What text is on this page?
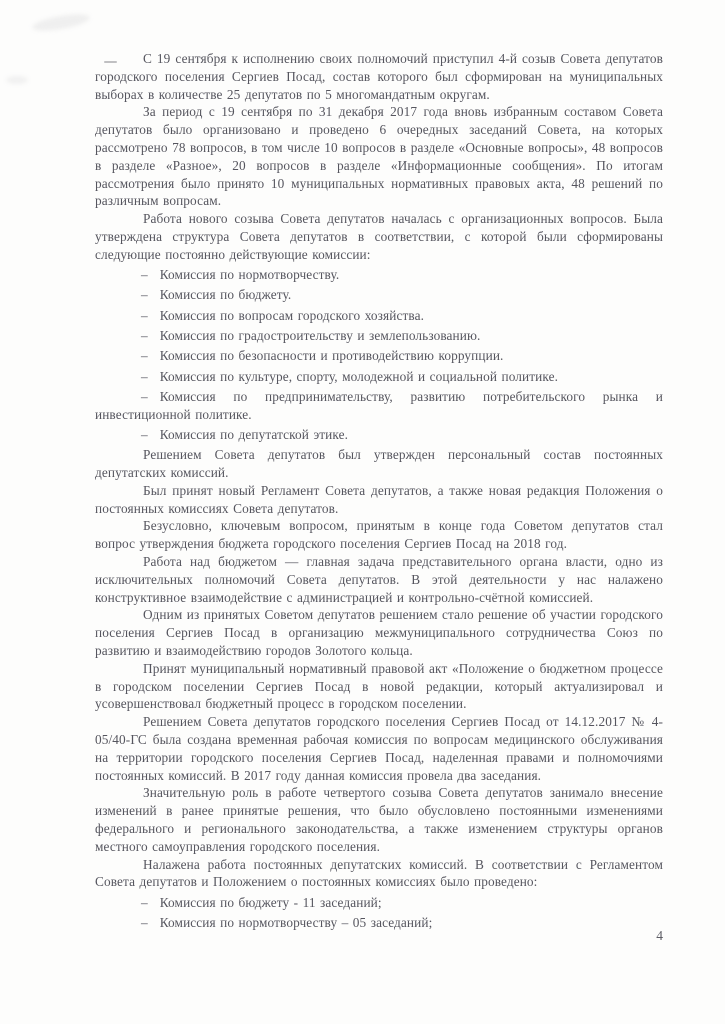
С 19 сентября к исполнению своих полномочий приступил 4-й созыв Совета депутатов городского поселения Сергиев Посад, состав которого был сформирован на муниципальных выборах в количестве 25 депутатов по 5 многомандатным округам.

За период с 19 сентября по 31 декабря 2017 года вновь избранным составом Совета депутатов было организовано и проведено 6 очередных заседаний Совета, на которых рассмотрено 78 вопросов, в том числе 10 вопросов в разделе «Основные вопросы», 48 вопросов в разделе «Разное», 20 вопросов в разделе «Информационные сообщения». По итогам рассмотрения было принято 10 муниципальных нормативных правовых акта, 48 решений по различным вопросам.

Работа нового созыва Совета депутатов началась с организационных вопросов. Была утверждена структура Совета депутатов в соответствии, с которой были сформированы следующие постоянно действующие комиссии:

– Комиссия по нормотворчеству.

– Комиссия по бюджету.

– Комиссия по вопросам городского хозяйства.

– Комиссия по градостроительству и землепользованию.

– Комиссия по безопасности и противодействию коррупции.

– Комиссия по культуре, спорту, молодежной и социальной политике.

– Комиссия по предпринимательству, развитию потребительского рынка и инвестиционной политике.

– Комиссия по депутатской этике.

Решением Совета депутатов был утвержден персональный состав постоянных депутатских комиссий.

Был принят новый Регламент Совета депутатов, а также новая редакция Положения о постоянных комиссиях Совета депутатов.

Безусловно, ключевым вопросом, принятым в конце года Советом депутатов стал вопрос утверждения бюджета городского поселения Сергиев Посад на 2018 год.

Работа над бюджетом — главная задача представительного органа власти, одно из исключительных полномочий Совета депутатов. В этой деятельности у нас налажено конструктивное взаимодействие с администрацией и контрольно-счётной комиссией.

Одним из принятых Советом депутатов решением стало решение об участии городского поселения Сергиев Посад в организацию межмуниципального сотрудничества Союз по развитию и взаимодействию городов Золотого кольца.

Принят муниципальный нормативный правовой акт «Положение о бюджетном процессе в городском поселении Сергиев Посад в новой редакции, который актуализировал и усовершенствовал бюджетный процесс в городском поселении.

Решением Совета депутатов городского поселения Сергиев Посад от 14.12.2017 № 4-05/40-ГС была создана временная рабочая комиссия по вопросам медицинского обслуживания на территории городского поселения Сергиев Посад, наделенная правами и полномочиями постоянных комиссий. В 2017 году данная комиссия провела два заседания.

Значительную роль в работе четвертого созыва Совета депутатов занимало внесение изменений в ранее принятые решения, что было обусловлено постоянными изменениями федерального и регионального законодательства, а также изменением структуры органов местного самоуправления городского поселения.

Налажена работа постоянных депутатских комиссий. В соответствии с Регламентом Совета депутатов и Положением о постоянных комиссиях было проведено:

– Комиссия по бюджету - 11 заседаний;

– Комиссия по нормотворчеству – 05 заседаний;

4
